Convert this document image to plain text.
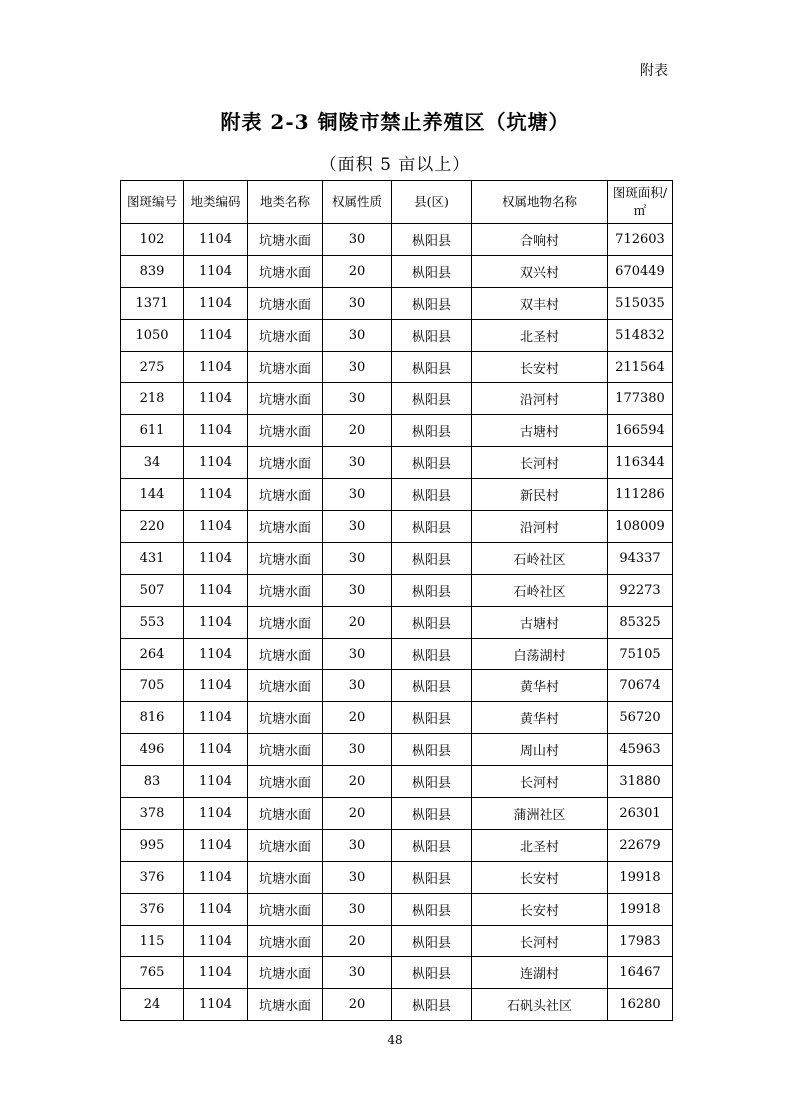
附表
附表 2-3 铜陵市禁止养殖区（坑塘）
（面积 5 亩以上）
图斑编号	地类编码	地类名称	权属性质	县(区)	权属地物名称	图斑面积/㎡
102	1104	坑塘水面	30	枞阳县	合响村	712603
839	1104	坑塘水面	20	枞阳县	双兴村	670449
1371	1104	坑塘水面	30	枞阳县	双丰村	515035
1050	1104	坑塘水面	30	枞阳县	北圣村	514832
275	1104	坑塘水面	30	枞阳县	长安村	211564
218	1104	坑塘水面	30	枞阳县	沿河村	177380
611	1104	坑塘水面	20	枞阳县	古塘村	166594
34	1104	坑塘水面	30	枞阳县	长河村	116344
144	1104	坑塘水面	30	枞阳县	新民村	111286
220	1104	坑塘水面	30	枞阳县	沿河村	108009
431	1104	坑塘水面	30	枞阳县	石岭社区	94337
507	1104	坑塘水面	30	枞阳县	石岭社区	92273
553	1104	坑塘水面	20	枞阳县	古塘村	85325
264	1104	坑塘水面	30	枞阳县	白荡湖村	75105
705	1104	坑塘水面	30	枞阳县	黄华村	70674
816	1104	坑塘水面	20	枞阳县	黄华村	56720
496	1104	坑塘水面	30	枞阳县	周山村	45963
83	1104	坑塘水面	20	枞阳县	长河村	31880
378	1104	坑塘水面	20	枞阳县	蒲洲社区	26301
995	1104	坑塘水面	30	枞阳县	北圣村	22679
376	1104	坑塘水面	30	枞阳县	长安村	19918
376	1104	坑塘水面	30	枞阳县	长安村	19918
115	1104	坑塘水面	20	枞阳县	长河村	17983
765	1104	坑塘水面	30	枞阳县	连湖村	16467
24	1104	坑塘水面	20	枞阳县	石矾头社区	16280
48
